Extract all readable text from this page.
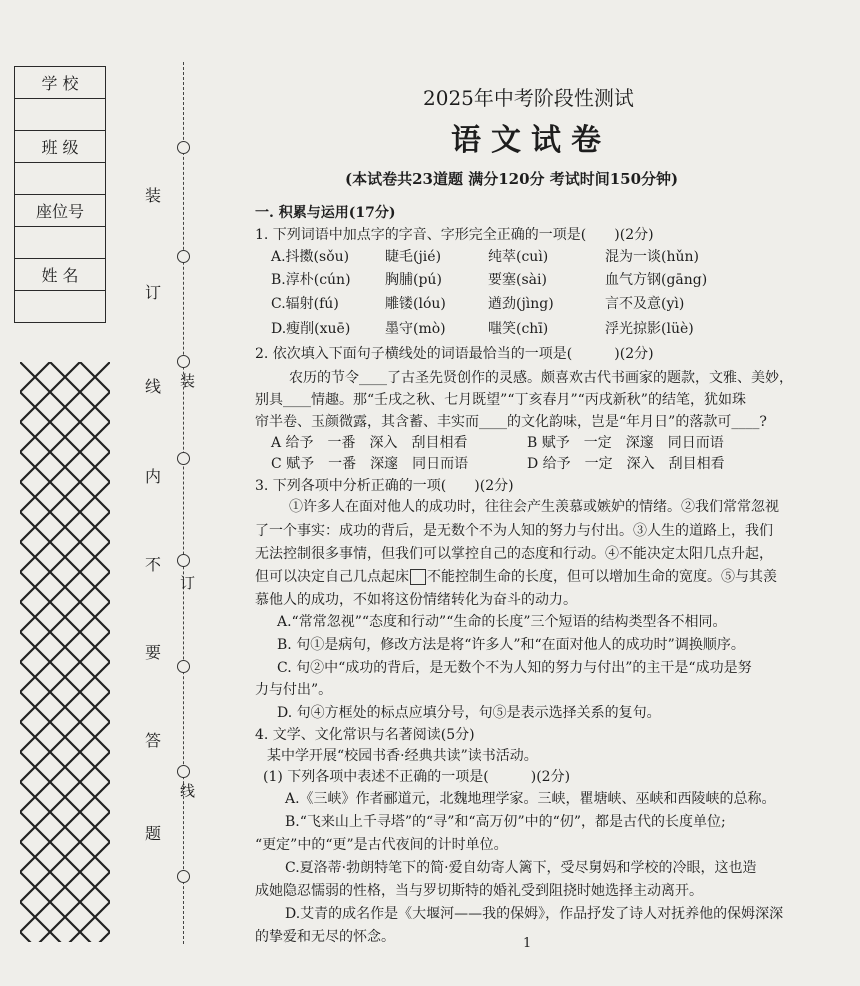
学 校

班 级

座位号

姓 名

装
订
线
内
不
要
答
题
装
订
线
2025年中考阶段性测试
语文试卷
(本试卷共23道题 满分120分 考试时间150分钟)
一. 积累与运用(17分)
1. 下列词语中加点字的字音、字形完全正确的一项是(　　)(2分)
A.抖擞(sǒu)	睫毛(jié)	纯萃(cuì)	混为一谈(hǔn)
B.淳朴(cún) 胸脯(pú)	要塞(sài)	血气方钢(gāng)
C.辐射(fú)	雕镂(lóu)	遒劲(jìng)	言不及意(yì)
D.瘦削(xuē) 墨守(mò)	嗤笑(chī)	浮光掠影(lüè)
2. 依次填入下面句子横线处的词语最恰当的一项是(　　　)(2分)
农历的节令____了古圣先贤创作的灵感。颇喜欢古代书画家的题款，文雅、美妙，
别具____情趣。那“壬戌之秋、七月既望”“丁亥春月”“丙戌新秋”的结笔，犹如珠
帘半卷、玉颜微露，其含蓄、丰实而____的文化韵味，岂是“年月日”的落款可____?
A 给予　一番　深入　刮目相看	B 赋予　一定　深邃　同日而语
C 赋予　一番　深邃　同日而语	D 给予　一定　深入　刮目相看
3. 下列各项中分析正确的一项(　　)(2分)
①许多人在面对他人的成功时，往往会产生羡慕或嫉妒的情绪。②我们常常忽视
了一个事实：成功的背后，是无数个不为人知的努力与付出。③人生的道路上，我们
无法控制很多事情，但我们可以掌控自己的态度和行动。④不能决定太阳几点升起，
但可以决定自己几点起床 不能控制生命的长度，但可以增加生命的宽度。⑤与其羡
慕他人的成功，不如将这份情绪转化为奋斗的动力。
A.“常常忽视”“态度和行动”“生命的长度”三个短语的结构类型各不相同。
B. 句①是病句，修改方法是将“许多人”和“在面对他人的成功时”调换顺序。
C. 句②中“成功的背后，是无数个不为人知的努力与付出”的主干是“成功是努
力与付出”。
D. 句④方框处的标点应填分号，句⑤是表示选择关系的复句。
4. 文学、文化常识与名著阅读(5分)
某中学开展“校园书香·经典共读”读书活动。
(1) 下列各项中表述不正确的一项是(　　　)(2分)
A.《三峡》作者郦道元，北魏地理学家。三峡，瞿塘峡、巫峡和西陵峡的总称。
B.“飞来山上千寻塔”的“寻”和“高万仞”中的“仞”，都是古代的长度单位;
“更定”中的“更”是古代夜间的计时单位。
C.夏洛蒂·勃朗特笔下的简·爱自幼寄人篱下，受尽舅妈和学校的冷眼，这也造
成她隐忍懦弱的性格，当与罗切斯特的婚礼受到阻挠时她选择主动离开。
D.艾青的成名作是《大堰河——我的保姆》，作品抒发了诗人对抚养他的保姆深深
的挚爱和无尽的怀念。	1
